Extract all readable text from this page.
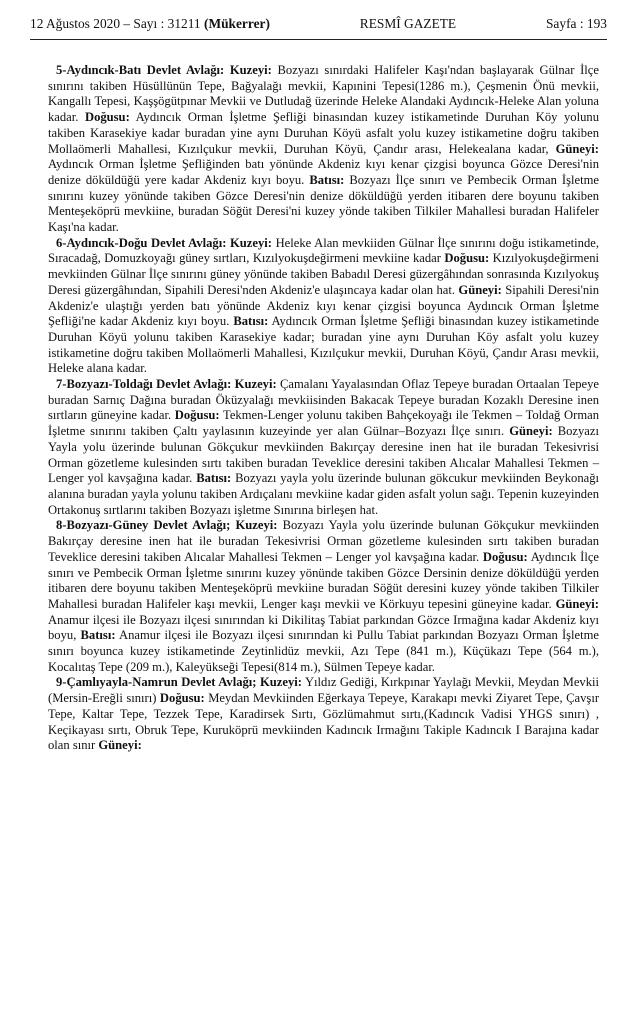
12 Ağustos 2020 – Sayı : 31211 (Mükerrer)	RESMÎ GAZETE	Sayfa : 193

5-Aydıncık-Batı Devlet Avlağı: Kuzeyi: Bozyazı sınırdaki Halifeler Kaşı'ndan başlayarak Gülnar İlçe sınırını takiben Hüsüllünün Tepe, Bağyalağı mevkii, Kapınini Tepesi(1286 m.), Çeşmenin Önü mevkii, Kangallı Tepesi, Kaşşögütpınar Mevkii ve Dutludağ üzerinde Heleke Alandaki Aydıncık-Heleke Alan yoluna kadar. Doğusu: Aydıncık Orman İşletme Şefliği binasından kuzey istikametinde Duruhan Köy yolunu takiben Karasekiye kadar buradan yine aynı Duruhan Köyü asfalt yolu kuzey istikametine doğru takiben Mollaömerli Mahallesi, Kızılçukur mevkii, Duruhan Köyü, Çandır arası, Helekealana kadar, Güneyi: Aydıncık Orman İşletme Şefliğinden batı yönünde Akdeniz kıyı kenar çizgisi boyunca Gözce Deresi'nin denize döküldüğü yere kadar Akdeniz kıyı boyu. Batısı: Bozyazı İlçe sınırı ve Pembecik Orman İşletme sınırını kuzey yönünde takiben Gözce Deresi'nin denize döküldüğü yerden itibaren dere boyunu takiben Menteşeköprü mevkiine, buradan Söğüt Deresi'ni kuzey yönde takiben Tilkiler Mahallesi buradan Halifeler Kaşı'na kadar.

6-Aydıncık-Doğu Devlet Avlağı: Kuzeyi: Heleke Alan mevkiiden Gülnar İlçe sınırını doğu istikametinde, Sıracadağ, Domuzkoyağı güney sırtları, Kızılyokuşdeğirmeni mevkiine kadar Doğusu: Kızılyokuşdeğirmeni mevkiinden Gülnar İlçe sınırını güney yönünde takiben Babadıl Deresi güzergâhından sonrasında Kızılyokuş Deresi güzergâhından, Sipahili Deresi'nden Akdeniz'e ulaşıncaya kadar olan hat. Güneyi: Sipahili Deresi'nin Akdeniz'e ulaştığı yerden batı yönünde Akdeniz kıyı kenar çizgisi boyunca Aydıncık Orman İşletme Şefliği'ne kadar Akdeniz kıyı boyu. Batısı: Aydıncık Orman İşletme Şefliği binasından kuzey istikametinde Duruhan Köyü yolunu takiben Karasekiye kadar; buradan yine aynı Duruhan Köy asfalt yolu kuzey istikametine doğru takiben Mollaömerli Mahallesi, Kızılçukur mevkii, Duruhan Köyü, Çandır Arası mevkii, Heleke alana kadar.

7-Bozyazı-Toldağı Devlet Avlağı: Kuzeyi: Çamalanı Yayalasından Oflaz Tepeye buradan Ortaalan Tepeye buradan Sarnıç Dağına buradan Öküzyalağı mevkiisinden Bakacak Tepeye buradan Kozaklı Deresine inen sırtların güneyine kadar. Doğusu: Tekmen-Lenger yolunu takiben Bahçekoyağı ile Tekmen – Toldağ Orman İşletme sınırını takiben Çaltı yaylasının kuzeyinde yer alan Gülnar–Bozyazı İlçe sınırı. Güneyi: Bozyazı Yayla yolu üzerinde bulunan Gökçukur mevkiinden Bakırçay deresine inen hat ile buradan Tekesivrisi Orman gözetleme kulesinden sırtı takiben buradan Teveklice deresini takiben Alıcalar Mahallesi Tekmen – Lenger yol kavşağına kadar. Batısı: Bozyazı yayla yolu üzerinde bulunan gökcukur mevkiinden Beykonağı alanına buradan yayla yolunu takiben Ardıçalanı mevkiine kadar giden asfalt yolun sağı. Tepenin kuzeyinden Ortakonuş sırtlarını takiben Bozyazı işletme Sınırına birleşen hat.

8-Bozyazı-Güney Devlet Avlağı; Kuzeyi: Bozyazı Yayla yolu üzerinde bulunan Gökçukur mevkiinden Bakırçay deresine inen hat ile buradan Tekesivrisi Orman gözetleme kulesinden sırtı takiben buradan Teveklice deresini takiben Alıcalar Mahallesi Tekmen – Lenger yol kavşağına kadar. Doğusu: Aydıncık İlçe sınırı ve Pembecik Orman İşletme sınırını kuzey yönünde takiben Gözce Dersinin denize döküldüğü yerden itibaren dere boyunu takiben Menteşeköprü mevkiine buradan Söğüt deresini kuzey yönde takiben Tilkiler Mahallesi buradan Halifeler kaşı mevkii, Lenger kaşı mevkii ve Körkuyu tepesini güneyine kadar. Güneyi: Anamur ilçesi ile Bozyazı ilçesi sınırından ki Dikilitaş Tabiat parkından Gözce Irmağına kadar Akdeniz kıyı boyu, Batısı: Anamur ilçesi ile Bozyazı ilçesi sınırından ki Pullu Tabiat parkından Bozyazı Orman İşletme sınırı boyunca kuzey istikametinde Zeytinlidüz mevkii, Azı Tepe (841 m.), Küçükazı Tepe (564 m.), Kocalıtaş Tepe (209 m.), Kaleyükseği Tepesi(814 m.), Sülmen Tepeye kadar.

9-Çamlıyayla-Namrun Devlet Avlağı; Kuzeyi: Yıldız Gediği, Kırkpınar Yaylağı Mevkii, Meydan Mevkii (Mersin-Ereğli sınırı) Doğusu: Meydan Mevkiinden Eğerkaya Tepeye, Karakapı mevki Ziyaret Tepe, Çavşır Tepe, Kaltar Tepe, Tezzek Tepe, Karadirsek Sırtı, Gözlümahmut sırtı,(Kadıncık Vadisi YHGS sınırı) , Keçikayası sırtı, Obruk Tepe, Kuruköprü mevkiinden Kadıncık Irmağını Takiple Kadıncık I Barajına kadar olan sınır Güneyi:
